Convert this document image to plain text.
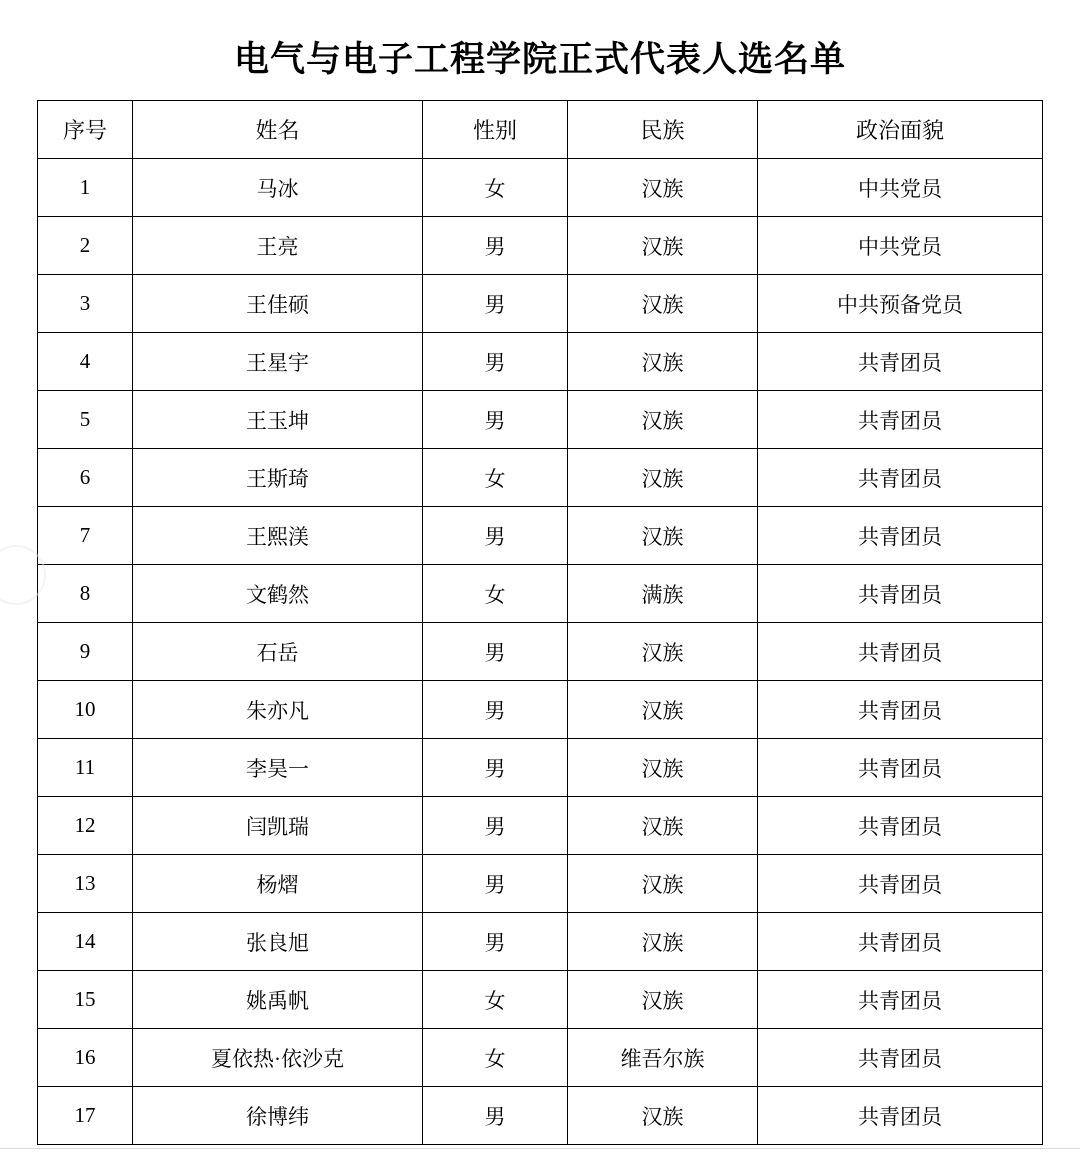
电气与电子工程学院正式代表人选名单
序号	姓名	性别	民族	政治面貌
1	马冰	女	汉族	中共党员
2	王亮	男	汉族	中共党员
3	王佳硕	男	汉族	中共预备党员
4	王星宇	男	汉族	共青团员
5	王玉坤	男	汉族	共青团员
6	王斯琦	女	汉族	共青团员
7	王熙渼	男	汉族	共青团员
8	文鹤然	女	满族	共青团员
9	石岳	男	汉族	共青团员
10	朱亦凡	男	汉族	共青团员
11	李昊一	男	汉族	共青团员
12	闫凯瑞	男	汉族	共青团员
13	杨熠	男	汉族	共青团员
14	张良旭	男	汉族	共青团员
15	姚禹帆	女	汉族	共青团员
16	夏依热·依沙克	女	维吾尔族	共青团员
17	徐博纬	男	汉族	共青团员
